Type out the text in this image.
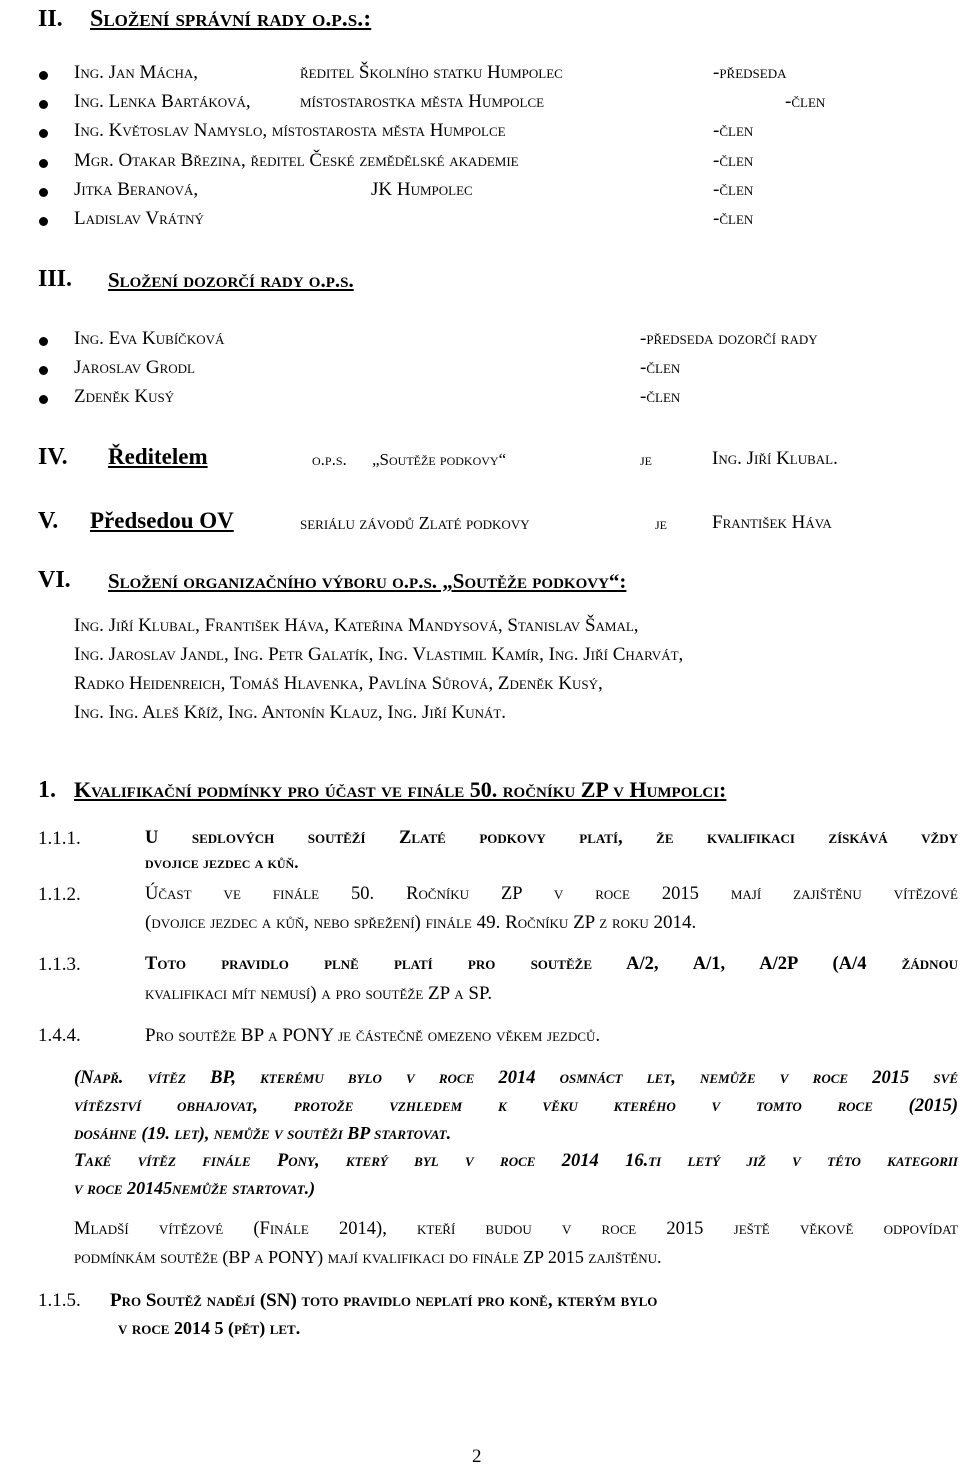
II. Složení správní rady o.p.s.:
Ing. Jan Mácha,	ředitel Školního statku Humpolec	-předseda
Ing. Lenka Bartáková,	místostarostka města Humpolce	-člen
Ing. Květoslav Namyslo, místostarosta města Humpolce	-člen
Mgr. Otakar Březina, ředitel České zemědělské akademie	-člen
Jitka Beranová,	JK Humpolec	-člen
Ladislav Vrátný	-člen
III. Složení dozorčí rady o.p.s.
Ing. Eva Kubíčková	-předseda dozorčí rady
Jaroslav Grodl	-člen
Zdeněk Kusý	-člen
IV. Ředitelem	o.p.s. „Soutěže podkovy“	je	Ing. Jiří Klubal.
V. Předsedou OV	seriálu závodů Zlaté podkovy	je František Háva
VI. Složení organizačního výboru o.p.s. „Soutěže podkovy“:
Ing. Jiří Klubal, František Háva, Kateřina Mandysová, Stanislav Šamal,
Ing. Jaroslav Jandl, Ing. Petr Galatík, Ing. Vlastimil Kamír, Ing. Jiří Charvát,
Radko Heidenreich, Tomáš Hlavenka, Pavlína Sůrová, Zdeněk Kusý,
Ing. Ing. Aleš Kříž, Ing. Antonín Klauz, Ing. Jiří Kunát.
1. Kvalifikační podmínky pro účast ve finále 50. ročníku ZP v Humpolci:
1.1.1.	U sedlových soutěží Zlaté podkovy platí, že kvalifikaci získává vždy
dvojice jezdec a kůň.
1.1.2.	Účast ve finále 50. Ročníku ZP v roce 2015 mají zajištěnu vítězové
(dvojice jezdec a kůň, nebo spřežení) finále 49. Ročníku ZP z roku 2014.
1.1.3.	Toto pravidlo plně platí pro soutěže A/2, A/1, A/2P (A/4 žádnou
kvalifikaci mít nemusí) a pro soutěže ZP a SP.
1.4.4.	Pro soutěže BP a PONY je částečně omezeno věkem jezdců.
(Např. vítěz BP, kterému bylo v roce 2014 osmnáct let, nemůže v roce 2015 své
vítězství obhajovat, protože vzhledem k věku kterého v tomto roce (2015)
dosáhne (19. let), nemůže v soutěži BP startovat.
Také vítěz finále Pony, který byl v roce 2014 16.ti letý již v této kategorii
v roce 20145nemůže startovat.)
Mladší vítězové (Finále 2014), kteří budou v roce 2015 ještě věkově odpovídat
podmínkám soutěže (BP a PONY) mají kvalifikaci do finále ZP 2015 zajištěnu.
1.1.5. Pro Soutěž nadějí (SN) toto pravidlo neplatí pro koně, kterým bylo
v roce 2014 5 (pět) let.
2
